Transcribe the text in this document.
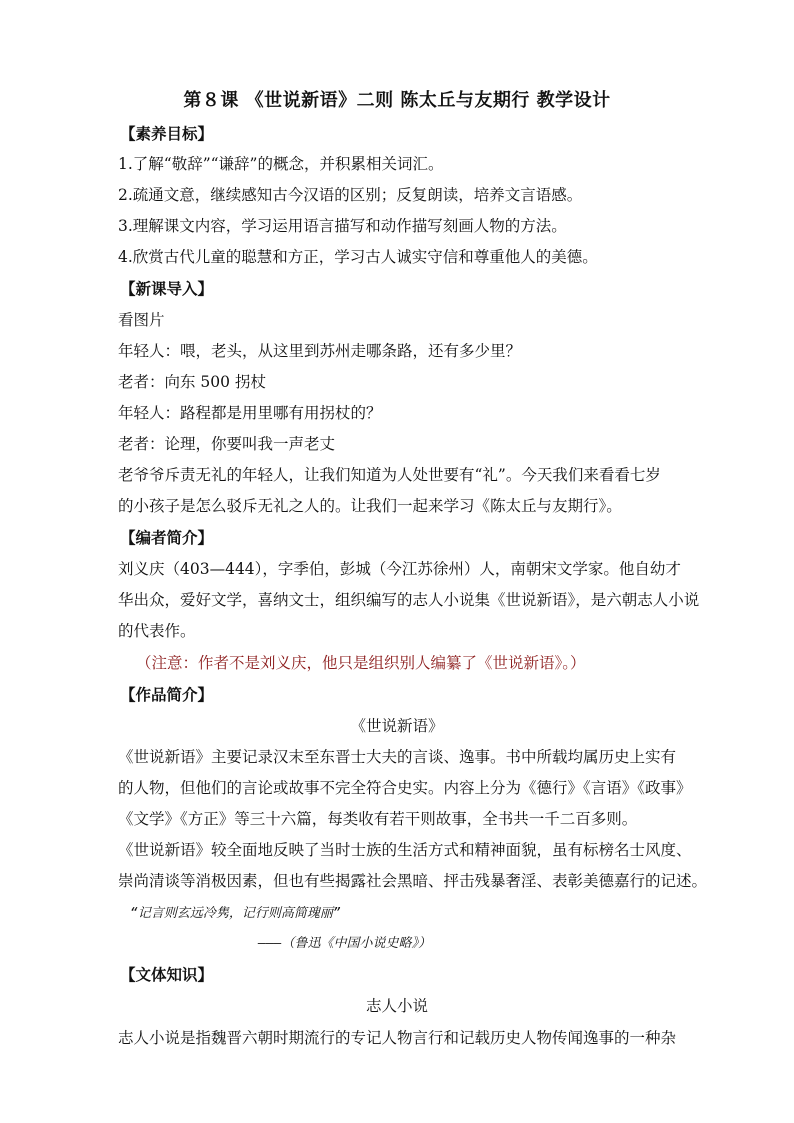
第８课 《世说新语》二则 陈太丘与友期行 教学设计
【素养目标】
1.了解“敬辞”“谦辞”的概念，并积累相关词汇。
2.疏通文意，继续感知古今汉语的区别；反复朗读，培养文言语感。
3.理解课文内容，学习运用语言描写和动作描写刻画人物的方法。
4.欣赏古代儿童的聪慧和方正，学习古人诚实守信和尊重他人的美德。
【新课导入】
看图片
年轻人：喂，老头，从这里到苏州走哪条路，还有多少里？
老者：向东 500 拐杖
年轻人：路程都是用里哪有用拐杖的？
老者：论理，你要叫我一声老丈
老爷爷斥责无礼的年轻人，让我们知道为人处世要有“礼”。今天我们来看看七岁
的小孩子是怎么驳斥无礼之人的。让我们一起来学习《陈太丘与友期行》。
【编者简介】
刘义庆（403—444），字季伯，彭城（今江苏徐州）人，南朝宋文学家。他自幼才
华出众，爱好文学，喜纳文士，组织编写的志人小说集《世说新语》，是六朝志人小说
的代表作。
（注意：作者不是刘义庆，他只是组织别人编纂了《世说新语》。）
【作品简介】
《世说新语》
《世说新语》主要记录汉末至东晋士大夫的言谈、逸事。书中所载均属历史上实有
的人物，但他们的言论或故事不完全符合史实。内容上分为《德行》《言语》《政事》
《文学》《方正》等三十六篇，每类收有若干则故事，全书共一千二百多则。
《世说新语》较全面地反映了当时士族的生活方式和精神面貌，虽有标榜名士风度、
崇尚清谈等消极因素，但也有些揭露社会黑暗、抨击残暴奢淫、表彰美德嘉行的记述。
“记言则玄远冷隽，记行则高简瑰丽”
———（鲁迅《中国小说史略》）
【文体知识】
志人小说
志人小说是指魏晋六朝时期流行的专记人物言行和记载历史人物传闻逸事的一种杂
